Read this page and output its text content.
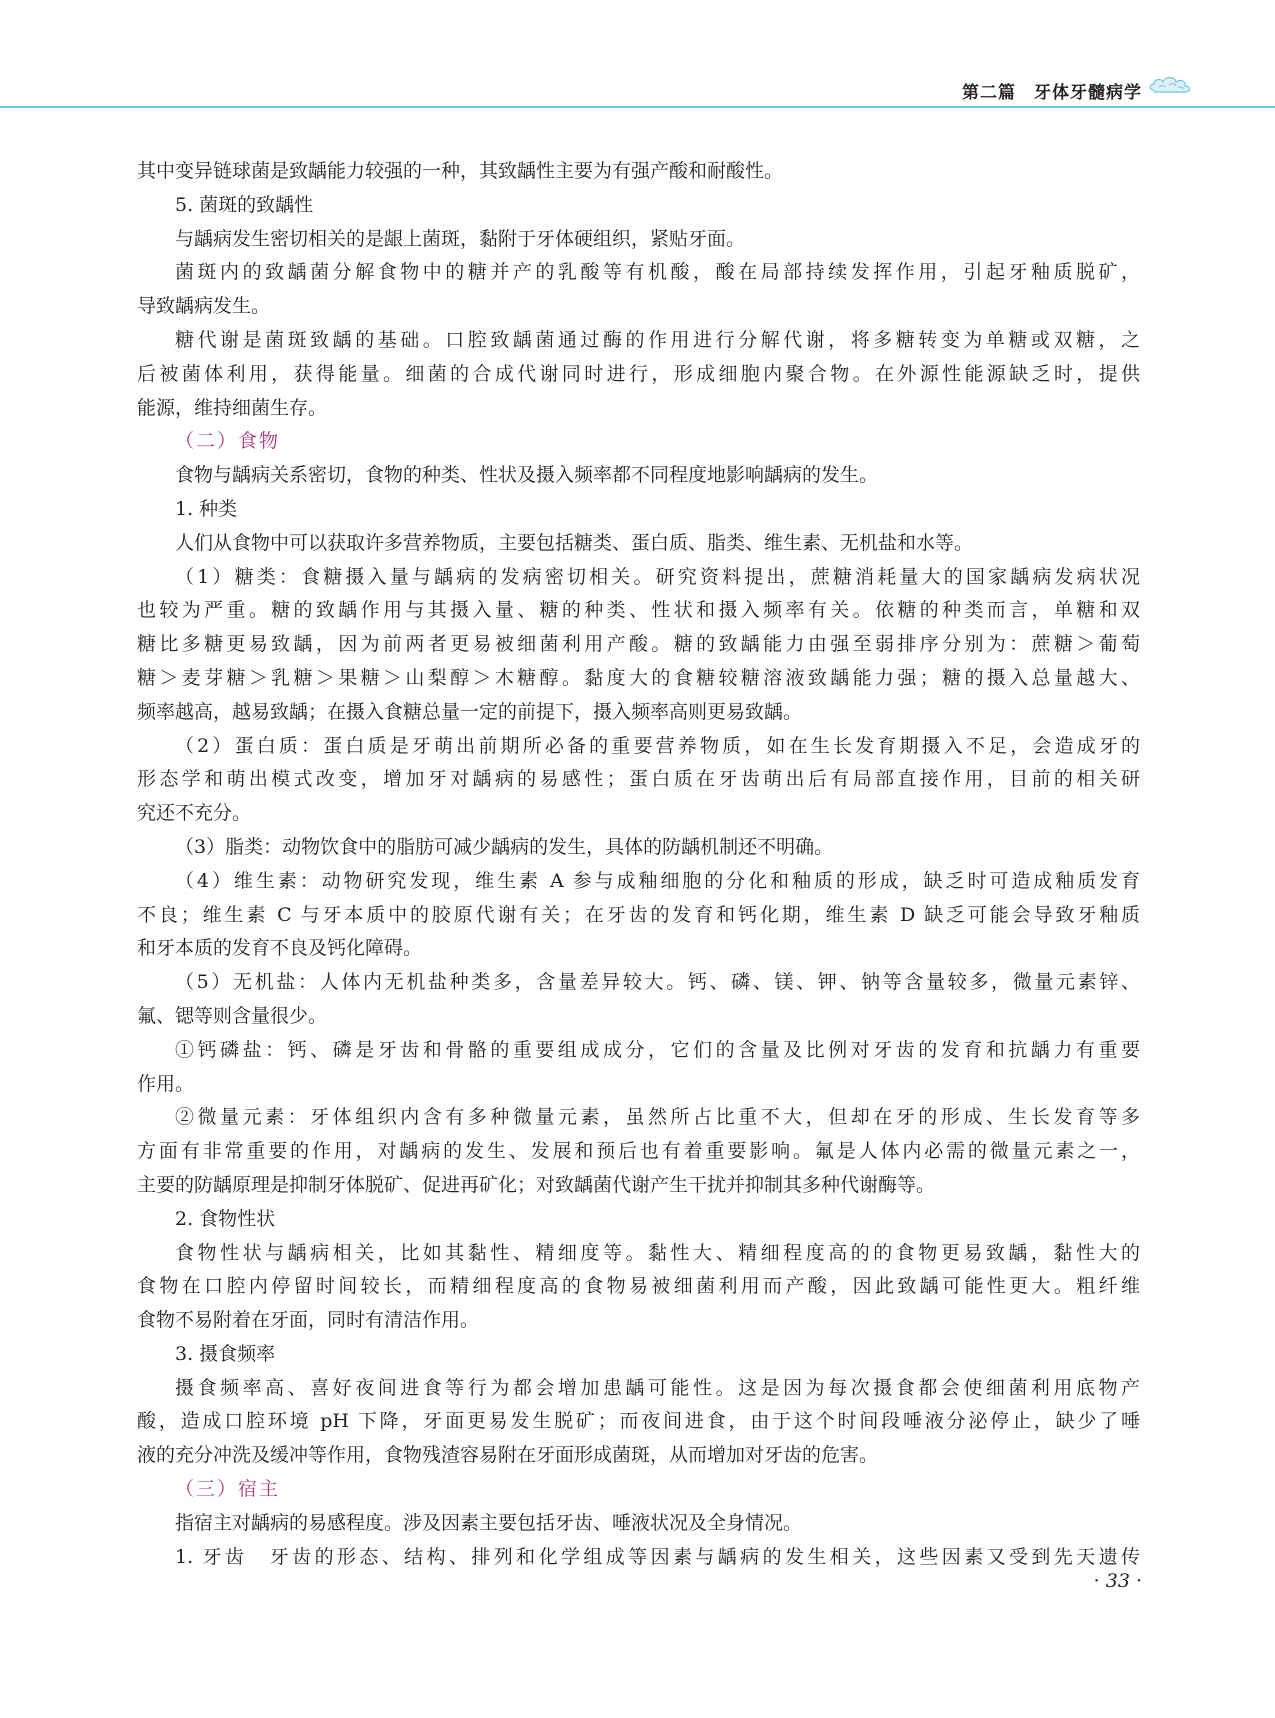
第二篇　牙体牙髓病学
其中变异链球菌是致龋能力较强的一种，其致龋性主要为有强产酸和耐酸性。
5. 菌斑的致龋性
与龋病发生密切相关的是龈上菌斑，黏附于牙体硬组织，紧贴牙面。
菌斑内的致龋菌分解食物中的糖并产的乳酸等有机酸，酸在局部持续发挥作用，引起牙釉质脱矿，
导致龋病发生。
糖代谢是菌斑致龋的基础。口腔致龋菌通过酶的作用进行分解代谢，将多糖转变为单糖或双糖，之
后被菌体利用，获得能量。细菌的合成代谢同时进行，形成细胞内聚合物。在外源性能源缺乏时，提供
能源，维持细菌生存。
（二）食物
食物与龋病关系密切，食物的种类、性状及摄入频率都不同程度地影响龋病的发生。
1. 种类
人们从食物中可以获取许多营养物质，主要包括糖类、蛋白质、脂类、维生素、无机盐和水等。
（1）糖类：食糖摄入量与龋病的发病密切相关。研究资料提出，蔗糖消耗量大的国家龋病发病状况
也较为严重。糖的致龋作用与其摄入量、糖的种类、性状和摄入频率有关。依糖的种类而言，单糖和双
糖比多糖更易致龋，因为前两者更易被细菌利用产酸。糖的致龋能力由强至弱排序分别为：蔗糖＞葡萄
糖＞麦芽糖＞乳糖＞果糖＞山梨醇＞木糖醇。黏度大的食糖较糖溶液致龋能力强；糖的摄入总量越大、
频率越高，越易致龋；在摄入食糖总量一定的前提下，摄入频率高则更易致龋。
（2）蛋白质：蛋白质是牙萌出前期所必备的重要营养物质，如在生长发育期摄入不足，会造成牙的
形态学和萌出模式改变，增加牙对龋病的易感性；蛋白质在牙齿萌出后有局部直接作用，目前的相关研
究还不充分。
（3）脂类：动物饮食中的脂肪可减少龋病的发生，具体的防龋机制还不明确。
（4）维生素：动物研究发现，维生素 A 参与成釉细胞的分化和釉质的形成，缺乏时可造成釉质发育
不良；维生素 C 与牙本质中的胶原代谢有关；在牙齿的发育和钙化期，维生素 D 缺乏可能会导致牙釉质
和牙本质的发育不良及钙化障碍。
（5）无机盐：人体内无机盐种类多，含量差异较大。钙、磷、镁、钾、钠等含量较多，微量元素锌、
氟、锶等则含量很少。
①钙磷盐：钙、磷是牙齿和骨骼的重要组成成分，它们的含量及比例对牙齿的发育和抗龋力有重要
作用。
②微量元素：牙体组织内含有多种微量元素，虽然所占比重不大，但却在牙的形成、生长发育等多
方面有非常重要的作用，对龋病的发生、发展和预后也有着重要影响。氟是人体内必需的微量元素之一，
主要的防龋原理是抑制牙体脱矿、促进再矿化；对致龋菌代谢产生干扰并抑制其多种代谢酶等。
2. 食物性状
食物性状与龋病相关，比如其黏性、精细度等。黏性大、精细程度高的的食物更易致龋，黏性大的
食物在口腔内停留时间较长，而精细程度高的食物易被细菌利用而产酸，因此致龋可能性更大。粗纤维
食物不易附着在牙面，同时有清洁作用。
3. 摄食频率
摄食频率高、喜好夜间进食等行为都会增加患龋可能性。这是因为每次摄食都会使细菌利用底物产
酸，造成口腔环境 pH 下降，牙面更易发生脱矿；而夜间进食，由于这个时间段唾液分泌停止，缺少了唾
液的充分冲洗及缓冲等作用，食物残渣容易附在牙面形成菌斑，从而增加对牙齿的危害。
（三）宿主
指宿主对龋病的易感程度。涉及因素主要包括牙齿、唾液状况及全身情况。
1. 牙齿　牙齿的形态、结构、排列和化学组成等因素与龋病的发生相关，这些因素又受到先天遗传
· 33 ·
